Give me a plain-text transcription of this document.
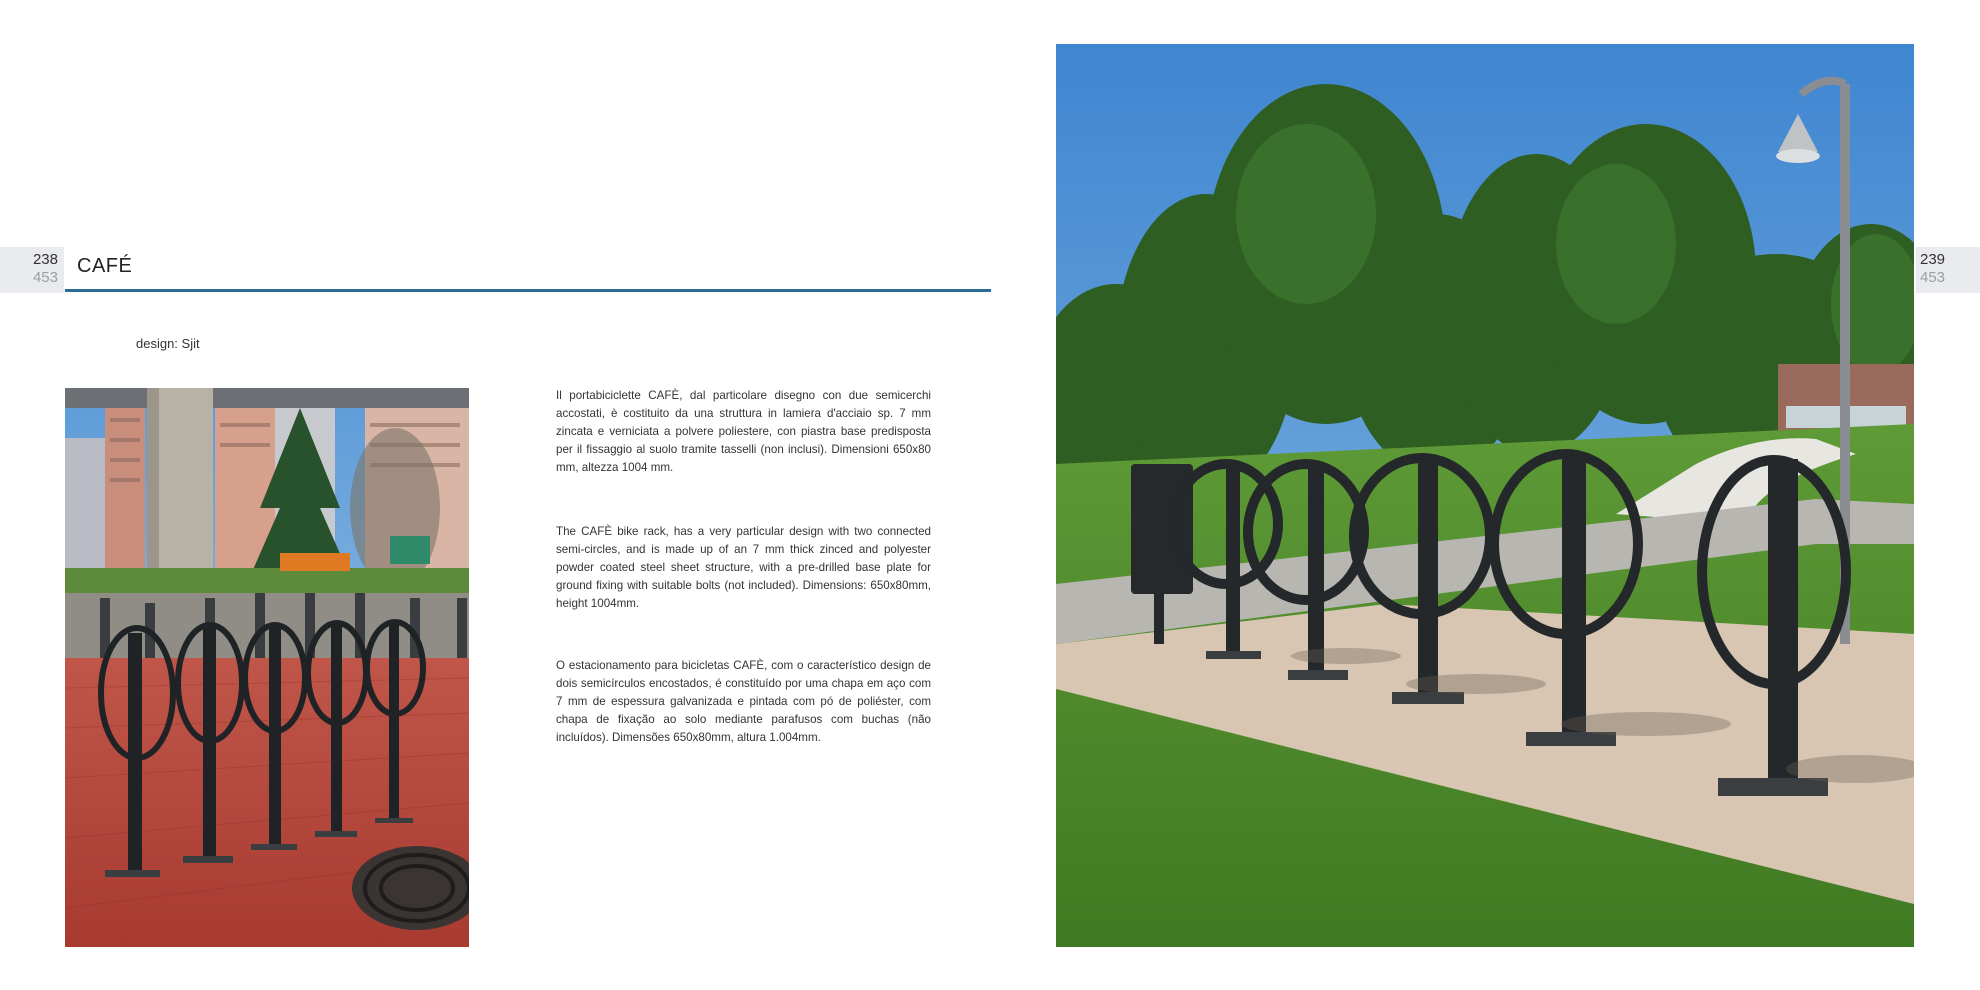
238
453
239
453
CAFÉ
design: Sjit

Il portabiciclette CAFÈ, dal particolare disegno con due semicerchi accostati, è costituito da una struttura in lamiera d'acciaio sp. 7 mm zincata e verniciata a polvere poliestere, con piastra base predisposta per il fissaggio al suolo tramite tasselli (non inclusi). Dimensioni 650x80 mm, altezza 1004 mm.

The CAFÈ bike rack, has a very particular design with two connected semi-circles, and is made up of an 7 mm thick zinced and polyester powder coated steel sheet structure, with a pre-drilled base plate for ground fixing with suitable bolts (not included). Dimensions: 650x80mm, height 1004mm.

O estacionamento para bicicletas CAFÈ, com o característico design de dois semicírculos encostados, é constituído por uma chapa em aço com 7 mm de espessura galvanizada e pintada com pó de poliéster, com chapa de fixação ao solo mediante parafusos com buchas (não incluídos). Dimensões 650x80mm, altura 1.004mm.
